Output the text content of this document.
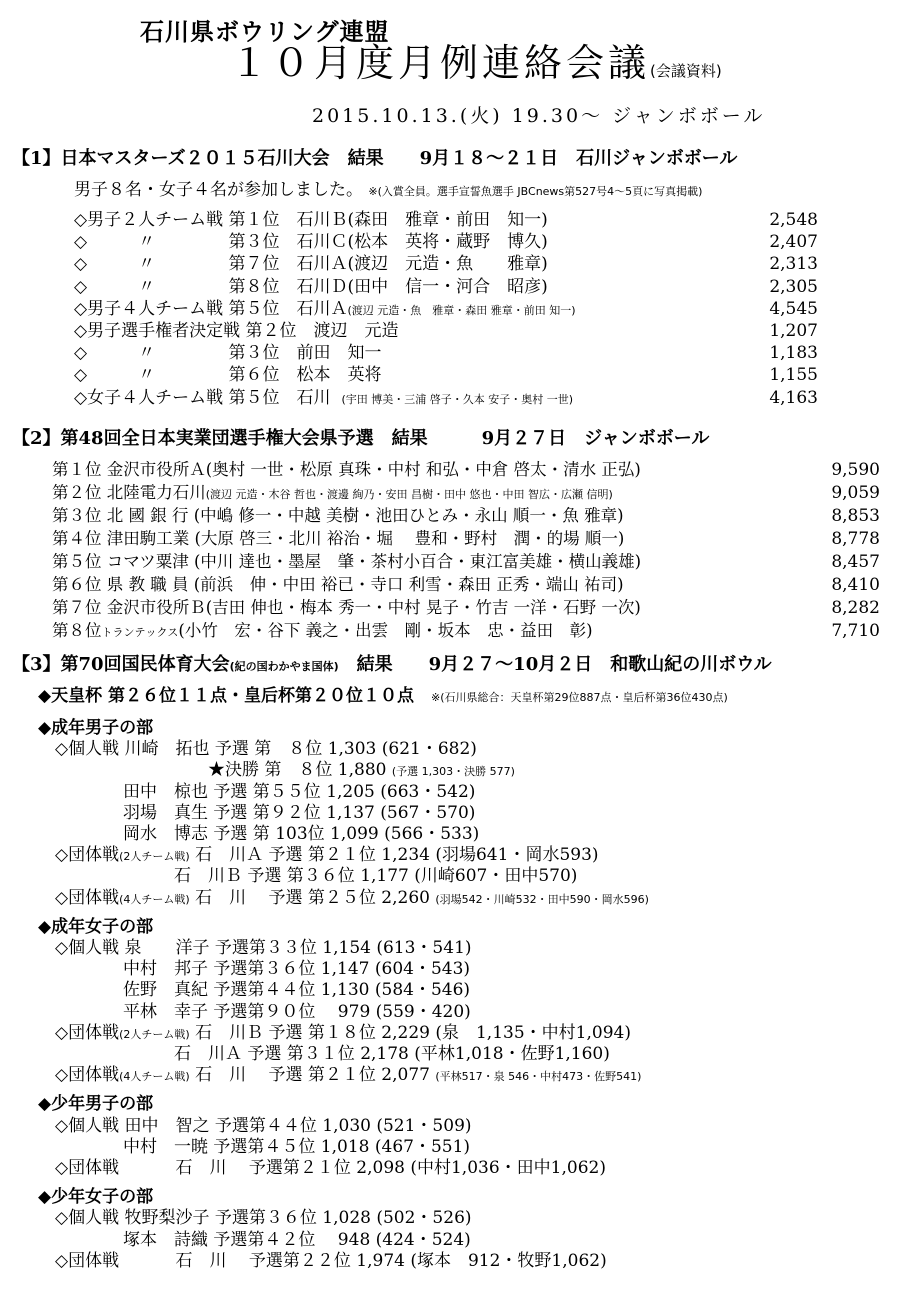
石川県ボウリング連盟
１０月度月例連絡会議(会議資料)
2015.10.13.(火) 19.30～ ジャンボボール
【1】日本マスターズ２０１５石川大会　結果　　9月１８～２１日　石川ジャンボボール
男子８名・女子４名が参加しました。 ※(入賞全員。選手宣誓魚選手 JBCnews第527号4～5頁に写真掲載)
◇男子２人チーム戦 第１位　石川Ｂ(森田　雅章・前田　知一)	2,548
◇　　　〃　　　　 第３位　石川Ｃ(松本　英将・蔵野　博久)	2,407
◇　　　〃　　　　 第７位　石川Ａ(渡辺　元造・魚　　雅章)	2,313
◇　　　〃　　　　 第８位　石川Ｄ(田中　信一・河合　昭彦)	2,305
◇男子４人チーム戦 第５位　石川Ａ(渡辺 元造・魚　雅章・森田 雅章・前田 知一)	4,545
◇男子選手権者決定戦 第２位　渡辺　元造	1,207
◇　　　〃　　　　 第３位　前田　知一	1,183
◇　　　〃　　　　 第６位　松本　英将	1,155
◇女子４人チーム戦 第５位　石川　(宇田 博美・三浦 啓子・久本 安子・奥村 一世)	4,163
【2】第48回全日本実業団選手権大会県予選　結果　　　9月２７日　ジャンボボール
第１位 金沢市役所Ａ(奥村 一世・松原 真珠・中村 和弘・中倉 啓太・清水 正弘)	9,590
第２位 北陸電力石川(渡辺 元造・木谷 哲也・渡邊 絢乃・安田 昌樹・田中 悠也・中田 智広・広瀬 信明)	9,059
第３位 北 國 銀 行 (中嶋 修一・中越 美樹・池田ひとみ・永山 順一・魚 雅章)	8,853
第４位 津田駒工業 (大原 啓三・北川 裕治・堀　 豊和・野村　潤・的場 順一)	8,778
第５位 コマツ粟津 (中川 達也・墨屋　肇・茶村小百合・東江富美雄・横山義雄)	8,457
第６位 県 教 職 員 (前浜　伸・中田 裕已・寺口 利雪・森田 正秀・端山 祐司)	8,410
第７位 金沢市役所Ｂ(吉田 伸也・梅本 秀一・中村 晃子・竹吉 一洋・石野 一次)	8,282
第８位トランテックス(小竹　宏・谷下 義之・出雲　剛・坂本　忠・益田　彰)	7,710
【3】第70回国民体育大会(紀の国わかやま国体)　結果　　9月２７～10月２日　和歌山紀の川ボウル
◆天皇杯 第２６位１１点・皇后杯第２０位１０点　 ※(石川県総合：天皇杯第29位887点・皇后杯第36位430点)
◆成年男子の部
　◇個人戦 川崎　拓也 予選 第　８位 1,303 (621・682)
　　　　　　　　　　★決勝 第　８位 1,880 (予選 1,303・決勝 577)
　　　　　田中　椋也 予選 第５５位 1,205 (663・542)
　　　　　羽場　真生 予選 第９２位 1,137 (567・570)
　　　　　岡水　博志 予選 第 103位 1,099 (566・533)
　◇団体戦(2人チーム戦) 石　川Ａ 予選 第２１位 1,234 (羽場641・岡水593)
　　　　　　　　石　川Ｂ 予選 第３６位 1,177 (川崎607・田中570)
　◇団体戦(4人チーム戦) 石　川　 予選 第２５位 2,260 (羽場542・川崎532・田中590・岡水596)
◆成年女子の部
　◇個人戦 泉　　洋子 予選第３３位 1,154 (613・541)
　　　　　中村　邦子 予選第３６位 1,147 (604・543)
　　　　　佐野　真紀 予選第４４位 1,130 (584・546)
　　　　　平林　幸子 予選第９０位　 979 (559・420)
　◇団体戦(2人チーム戦) 石　川Ｂ 予選 第１８位 2,229 (泉　1,135・中村1,094)
　　　　　　　　石　川Ａ 予選 第３１位 2,178 (平林1,018・佐野1,160)
　◇団体戦(4人チーム戦) 石　川　 予選 第２１位 2,077 (平林517・泉 546・中村473・佐野541)
◆少年男子の部
　◇個人戦 田中　智之 予選第４４位 1,030 (521・509)
　　　　　中村　一暁 予選第４５位 1,018 (467・551)
　◇団体戦　　　 石　川　 予選第２１位 2,098 (中村1,036・田中1,062)
◆少年女子の部
　◇個人戦 牧野梨沙子 予選第３６位 1,028 (502・526)
　　　　　塚本　詩織 予選第４２位　 948 (424・524)
　◇団体戦　　　 石　川　 予選第２２位 1,974 (塚本　912・牧野1,062)
